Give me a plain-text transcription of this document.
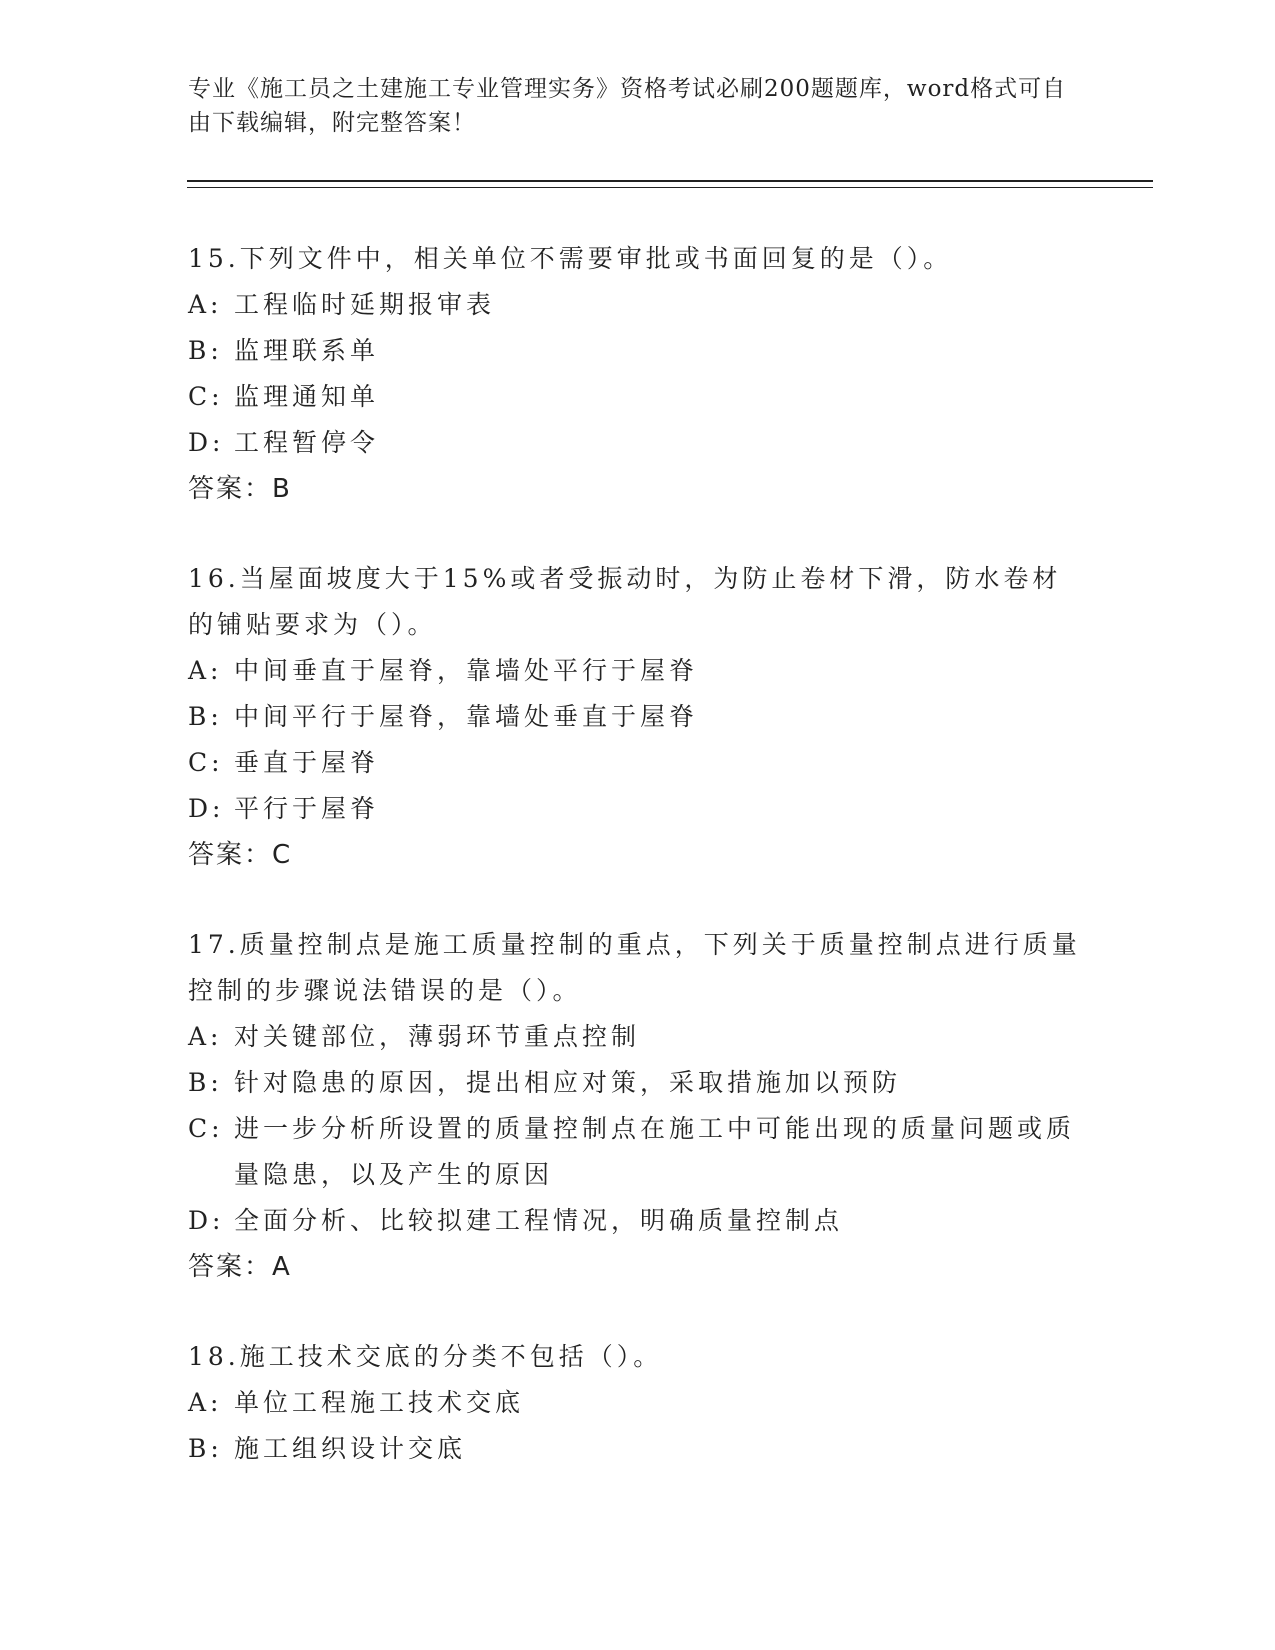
专业《施工员之土建施工专业管理实务》资格考试必刷200题题库，word格式可自由下载编辑，附完整答案！
15.下列文件中，相关单位不需要审批或书面回复的是（）。
A: 工程临时延期报审表
B: 监理联系单
C: 监理通知单
D: 工程暂停令
答案：B
16.当屋面坡度大于15%或者受振动时，为防止卷材下滑，防水卷材的铺贴要求为（）。
A: 中间垂直于屋脊，靠墙处平行于屋脊
B: 中间平行于屋脊，靠墙处垂直于屋脊
C: 垂直于屋脊
D: 平行于屋脊
答案：C
17.质量控制点是施工质量控制的重点，下列关于质量控制点进行质量控制的步骤说法错误的是（）。
A: 对关键部位，薄弱环节重点控制
B: 针对隐患的原因，提出相应对策，采取措施加以预防
C: 进一步分析所设置的质量控制点在施工中可能出现的质量问题或质量隐患，以及产生的原因
D: 全面分析、比较拟建工程情况，明确质量控制点
答案：A
18.施工技术交底的分类不包括（）。
A: 单位工程施工技术交底
B: 施工组织设计交底
